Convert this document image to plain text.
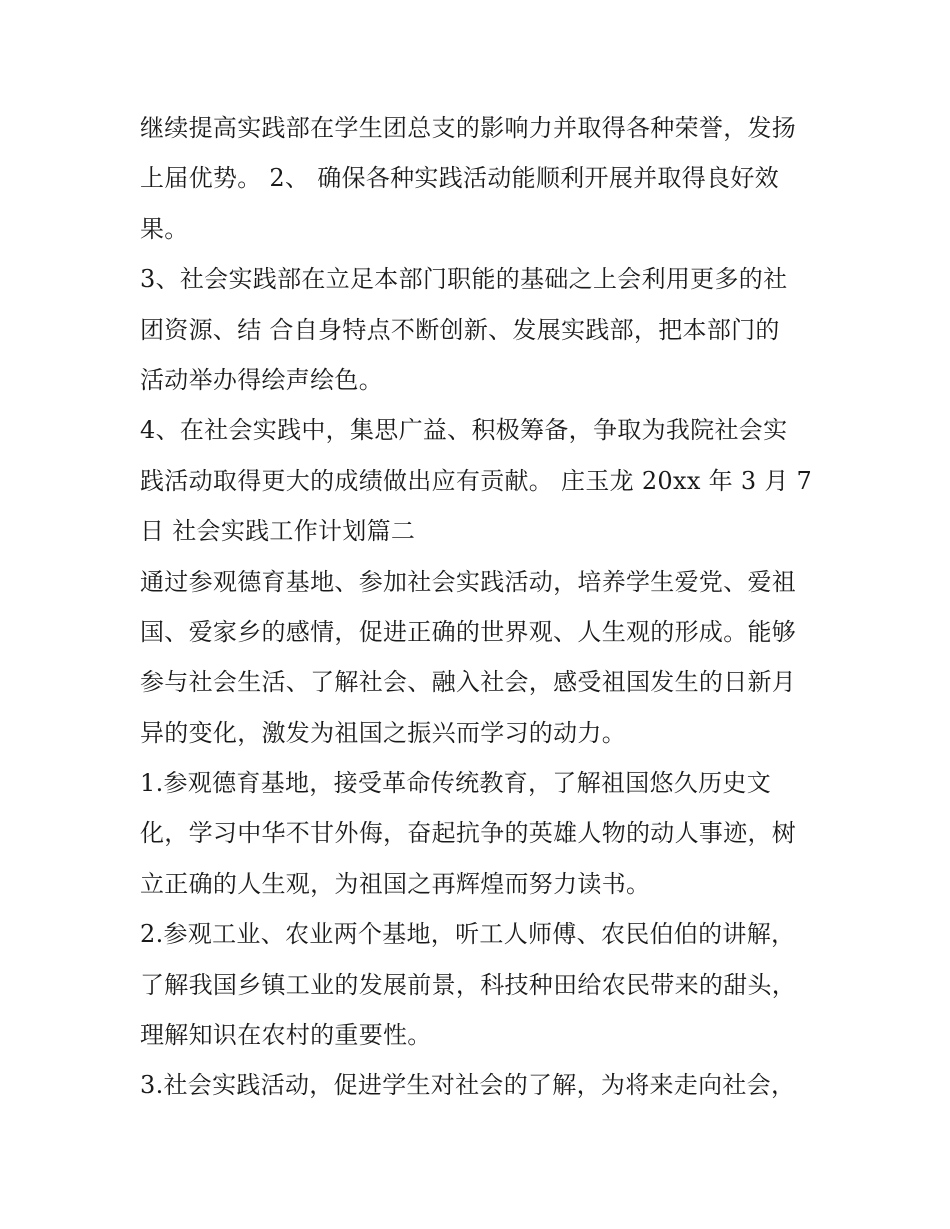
继续提高实践部在学生团总支的影响力并取得各种荣誉，发扬
上届优势。 2、 确保各种实践活动能顺利开展并取得良好效
果。
3、社会实践部在立足本部门职能的基础之上会利用更多的社
团资源、结 合自身特点不断创新、发展实践部，把本部门的
活动举办得绘声绘色。
4、在社会实践中，集思广益、积极筹备，争取为我院社会实
践活动取得更大的成绩做出应有贡献。 庄玉龙 20xx 年 3 月 7
日 社会实践工作计划篇二
通过参观德育基地、参加社会实践活动，培养学生爱党、爱祖
国、爱家乡的感情，促进正确的世界观、人生观的形成。能够
参与社会生活、了解社会、融入社会，感受祖国发生的日新月
异的变化，激发为祖国之振兴而学习的动力。
1.参观德育基地，接受革命传统教育，了解祖国悠久历史文
化，学习中华不甘外侮，奋起抗争的英雄人物的动人事迹，树
立正确的人生观，为祖国之再辉煌而努力读书。
2.参观工业、农业两个基地，听工人师傅、农民伯伯的讲解，
了解我国乡镇工业的发展前景，科技种田给农民带来的甜头，
理解知识在农村的重要性。
3.社会实践活动，促进学生对社会的了解，为将来走向社会，
